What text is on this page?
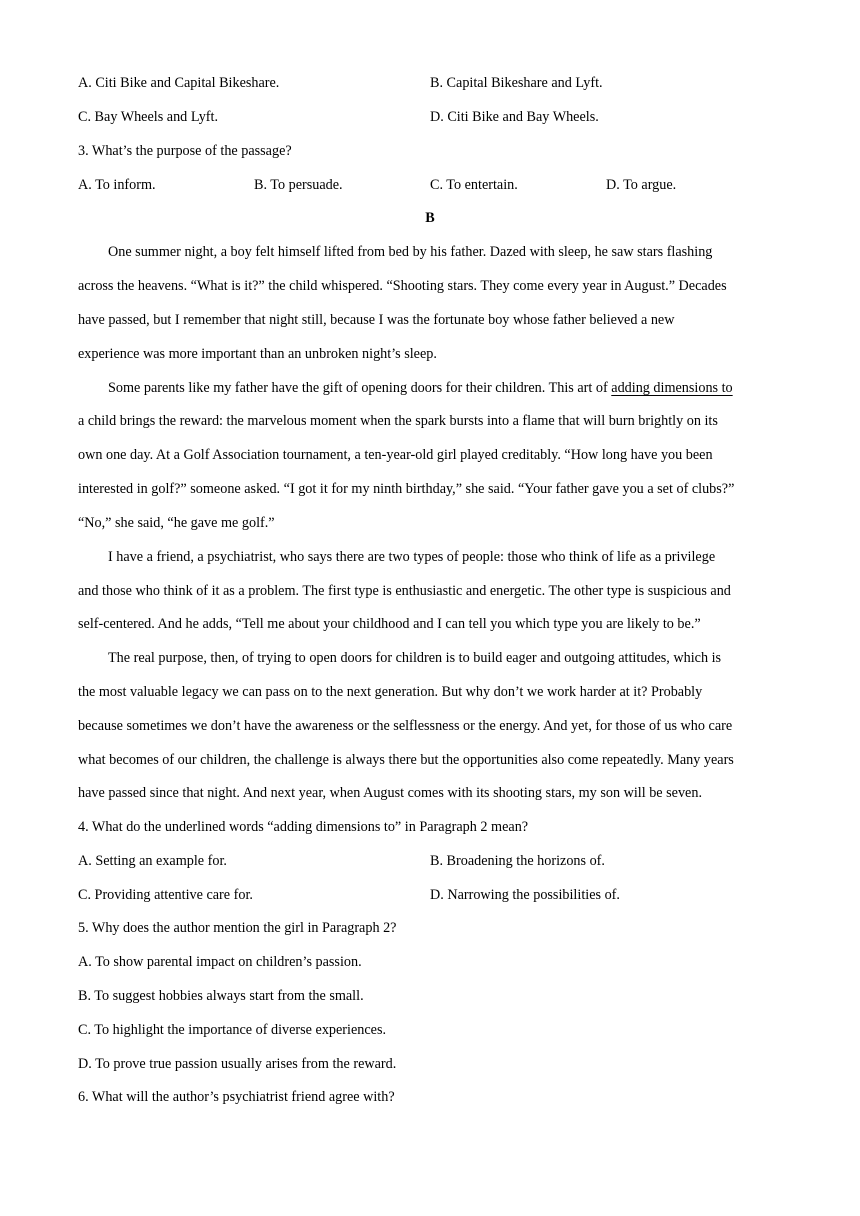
A. Citi Bike and Capital Bikeshare.	B. Capital Bikeshare and Lyft.
C. Bay Wheels and Lyft.	D. Citi Bike and Bay Wheels.
3. What’s the purpose of the passage?
A. To inform.	B. To persuade.	C. To entertain.	D. To argue.
B
One summer night, a boy felt himself lifted from bed by his father. Dazed with sleep, he saw stars flashing
across the heavens. “What is it?” the child whispered. “Shooting stars. They come every year in August.” Decades
have passed, but I remember that night still, because I was the fortunate boy whose father believed a new
experience was more important than an unbroken night’s sleep.
Some parents like my father have the gift of opening doors for their children. This art of adding dimensions to
a child brings the reward: the marvelous moment when the spark bursts into a flame that will burn brightly on its
own one day. At a Golf Association tournament, a ten-year-old girl played creditably. “How long have you been
interested in golf?” someone asked. “I got it for my ninth birthday,” she said. “Your father gave you a set of clubs?”
“No,” she said, “he gave me golf.”
I have a friend, a psychiatrist, who says there are two types of people: those who think of life as a privilege
and those who think of it as a problem. The first type is enthusiastic and energetic. The other type is suspicious and
self-centered. And he adds, “Tell me about your childhood and I can tell you which type you are likely to be.”
The real purpose, then, of trying to open doors for children is to build eager and outgoing attitudes, which is
the most valuable legacy we can pass on to the next generation. But why don’t we work harder at it? Probably
because sometimes we don’t have the awareness or the selflessness or the energy. And yet, for those of us who care
what becomes of our children, the challenge is always there but the opportunities also come repeatedly. Many years
have passed since that night. And next year, when August comes with its shooting stars, my son will be seven.
4. What do the underlined words “adding dimensions to” in Paragraph 2 mean?
A. Setting an example for.	B. Broadening the horizons of.
C. Providing attentive care for.	D. Narrowing the possibilities of.
5. Why does the author mention the girl in Paragraph 2?
A. To show parental impact on children’s passion.
B. To suggest hobbies always start from the small.
C. To highlight the importance of diverse experiences.
D. To prove true passion usually arises from the reward.
6. What will the author’s psychiatrist friend agree with?
